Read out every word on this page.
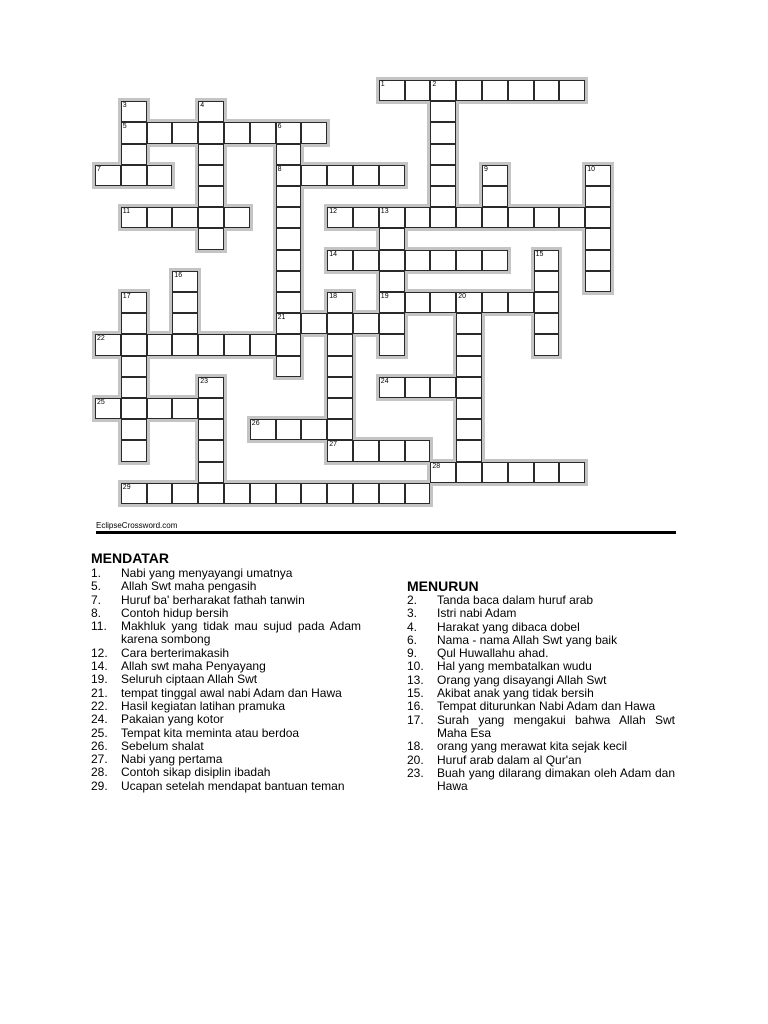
1	2
5	6
7	8
11	12	13
14
19	20
21
22
24
25
26
27
28
29
3	4
9	10
15
16
17	18
23
EclipseCrossword.com
MENDATAR
1.	Nabi yang menyayangi umatnya
5.	Allah Swt maha pengasih
7.	Huruf ba' berharakat fathah tanwin
8.	Contoh hidup bersih
11.	Makhluk yang tidak mau sujud pada Adam karena sombong
12.	Cara berterimakasih
14.	Allah swt maha Penyayang
19.	Seluruh ciptaan Allah Swt
21.	tempat tinggal awal nabi Adam dan Hawa
22.	Hasil kegiatan latihan pramuka
24.	Pakaian yang kotor
25.	Tempat kita meminta atau berdoa
26.	Sebelum shalat
27.	Nabi yang pertama
28.	Contoh sikap disiplin ibadah
29.	Ucapan setelah mendapat bantuan teman
MENURUN
2.	Tanda baca dalam huruf arab
3.	Istri nabi Adam
4.	Harakat yang dibaca dobel
6.	Nama - nama Allah Swt yang baik
9.	Qul Huwallahu ahad.
10.	Hal yang membatalkan wudu
13.	Orang yang disayangi Allah Swt
15.	Akibat anak yang tidak bersih
16.	Tempat diturunkan Nabi Adam dan Hawa
17.	Surah yang mengakui bahwa Allah Swt Maha Esa
18.	orang yang merawat kita sejak kecil
20.	Huruf arab dalam al Qur'an
23.	Buah yang dilarang dimakan oleh Adam dan Hawa
